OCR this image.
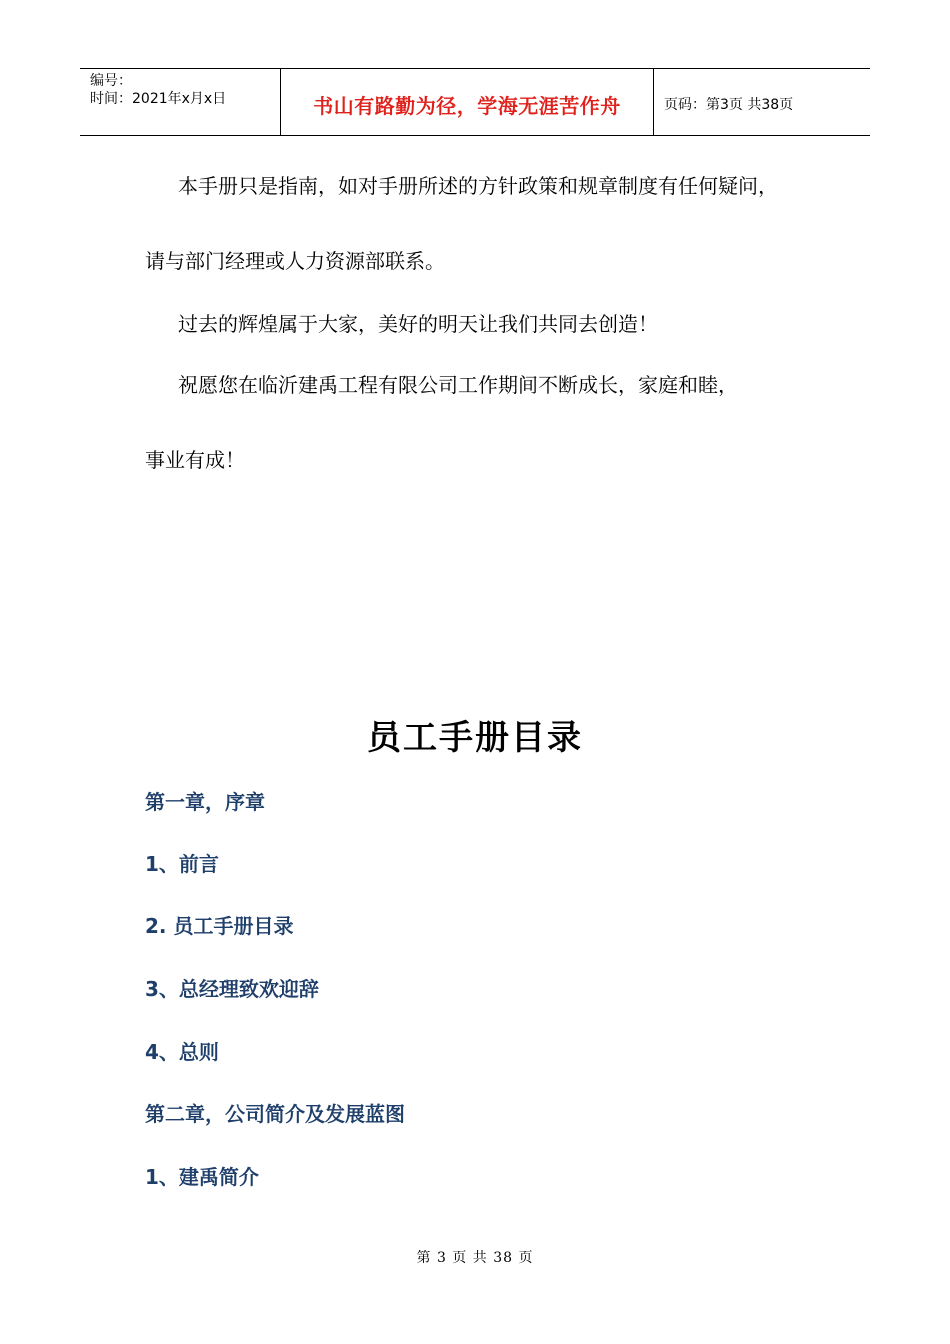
编号：
时间：2021年x月x日	书山有路勤为径，学海无涯苦作舟	页码：第3页 共38页
本手册只是指南，如对手册所述的方针政策和规章制度有任何疑问，
请与部门经理或人力资源部联系。
过去的辉煌属于大家，美好的明天让我们共同去创造！
祝愿您在临沂建禹工程有限公司工作期间不断成长，家庭和睦，
事业有成！
员工手册目录
第一章，序章
1、前言
2. 员工手册目录
3、总经理致欢迎辞
4、总则
第二章，公司简介及发展蓝图
1、建禹简介
第 3 页 共 38 页
